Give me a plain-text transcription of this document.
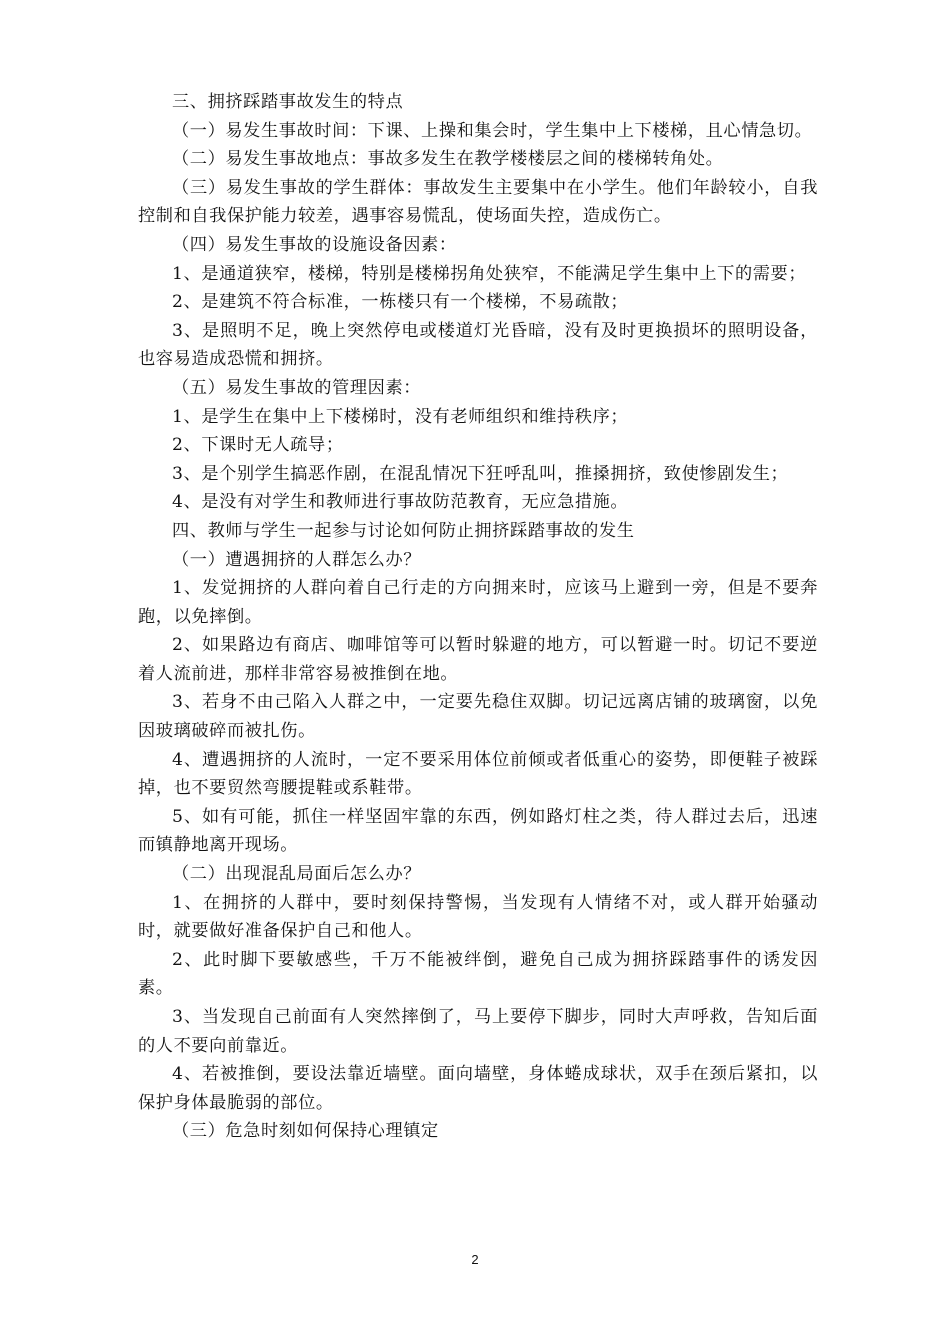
三、拥挤踩踏事故发生的特点

（一）易发生事故时间：下课、上操和集会时，学生集中上下楼梯，且心情急切。

（二）易发生事故地点：事故多发生在教学楼楼层之间的楼梯转角处。

（三）易发生事故的学生群体：事故发生主要集中在小学生。他们年龄较小，自我控制和自我保护能力较差，遇事容易慌乱，使场面失控，造成伤亡。

（四）易发生事故的设施设备因素：

1、是通道狭窄，楼梯，特别是楼梯拐角处狭窄，不能满足学生集中上下的需要；

2、是建筑不符合标准，一栋楼只有一个楼梯，不易疏散；

3、是照明不足，晚上突然停电或楼道灯光昏暗，没有及时更换损坏的照明设备，也容易造成恐慌和拥挤。

（五）易发生事故的管理因素：

1、是学生在集中上下楼梯时，没有老师组织和维持秩序；

2、下课时无人疏导；

3、是个别学生搞恶作剧，在混乱情况下狂呼乱叫，推搡拥挤，致使惨剧发生；

4、是没有对学生和教师进行事故防范教育，无应急措施。

四、教师与学生一起参与讨论如何防止拥挤踩踏事故的发生

（一）遭遇拥挤的人群怎么办？

1、发觉拥挤的人群向着自己行走的方向拥来时，应该马上避到一旁，但是不要奔跑，以免摔倒。

2、如果路边有商店、咖啡馆等可以暂时躲避的地方，可以暂避一时。切记不要逆着人流前进，那样非常容易被推倒在地。

3、若身不由己陷入人群之中，一定要先稳住双脚。切记远离店铺的玻璃窗，以免因玻璃破碎而被扎伤。

4、遭遇拥挤的人流时，一定不要采用体位前倾或者低重心的姿势，即便鞋子被踩掉，也不要贸然弯腰提鞋或系鞋带。

5、如有可能，抓住一样坚固牢靠的东西，例如路灯柱之类，待人群过去后，迅速而镇静地离开现场。

（二）出现混乱局面后怎么办？

1、在拥挤的人群中，要时刻保持警惕，当发现有人情绪不对，或人群开始骚动时，就要做好准备保护自己和他人。

2、此时脚下要敏感些，千万不能被绊倒，避免自己成为拥挤踩踏事件的诱发因素。

3、当发现自己前面有人突然摔倒了，马上要停下脚步，同时大声呼救，告知后面的人不要向前靠近。

4、若被推倒，要设法靠近墙壁。面向墙壁，身体蜷成球状，双手在颈后紧扣，以保护身体最脆弱的部位。

（三）危急时刻如何保持心理镇定

2
